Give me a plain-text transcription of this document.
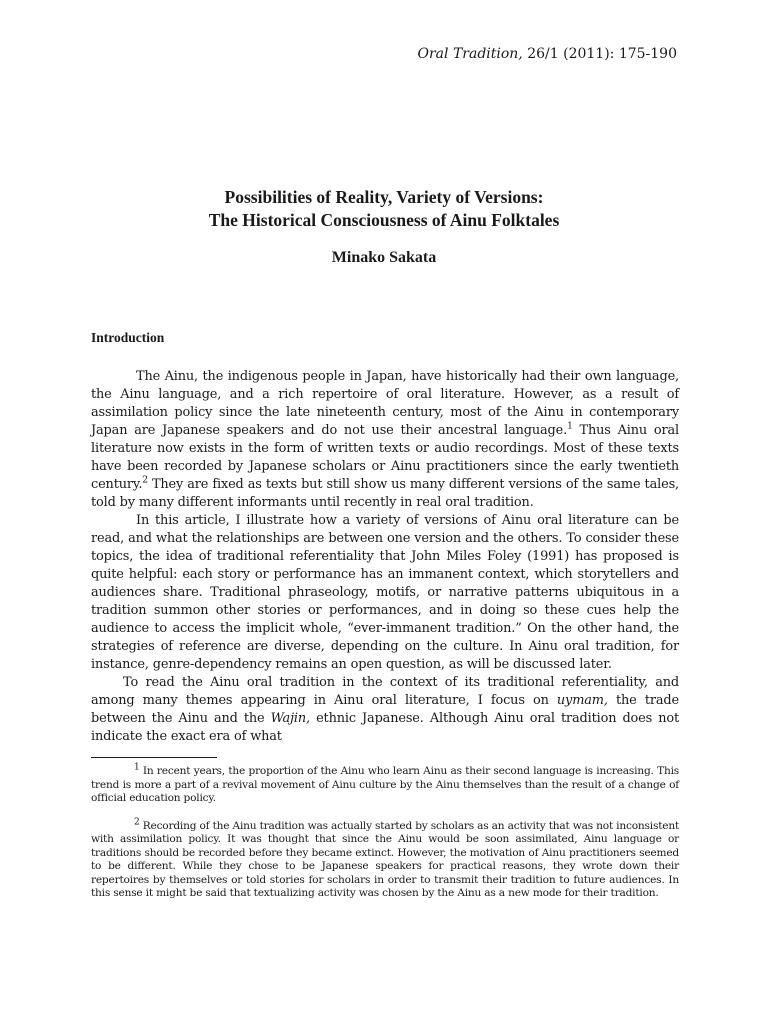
Oral Tradition, 26/1 (2011): 175-190
Possibilities of Reality, Variety of Versions:
The Historical Consciousness of Ainu Folktales
Minako Sakata
Introduction

The Ainu, the indigenous people in Japan, have historically had their own language, the Ainu language, and a rich repertoire of oral literature. However, as a result of assimilation policy since the late nineteenth century, most of the Ainu in contemporary Japan are Japanese speakers and do not use their ancestral language.$^1$ Thus Ainu oral literature now exists in the form of written texts or audio recordings. Most of these texts have been recorded by Japanese scholars or Ainu practitioners since the early twentieth century.$^2$ They are fixed as texts but still show us many different versions of the same tales, told by many different informants until recently in real oral tradition.

In this article, I illustrate how a variety of versions of Ainu oral literature can be read, and what the relationships are between one version and the others. To consider these topics, the idea of traditional referentiality that John Miles Foley (1991) has proposed is quite helpful: each story or performance has an immanent context, which storytellers and audiences share. Traditional phraseology, motifs, or narrative patterns ubiquitous in a tradition summon other stories or performances, and in doing so these cues help the audience to access the implicit whole, “ever-immanent tradition.” On the other hand, the strategies of reference are diverse, depending on the culture. In Ainu oral tradition, for instance, genre-dependency remains an open question, as will be discussed later.

To read the Ainu oral tradition in the context of its traditional referentiality, and among many themes appearing in Ainu oral literature, I focus on uymam, the trade between the Ainu and the Wajin, ethnic Japanese. Although Ainu oral tradition does not indicate the exact era of what

$^1$ In recent years, the proportion of the Ainu who learn Ainu as their second language is increasing. This trend is more a part of a revival movement of Ainu culture by the Ainu themselves than the result of a change of official education policy.

$^2$ Recording of the Ainu tradition was actually started by scholars as an activity that was not inconsistent with assimilation policy. It was thought that since the Ainu would be soon assimilated, Ainu language or traditions should be recorded before they became extinct. However, the motivation of Ainu practitioners seemed to be different. While they chose to be Japanese speakers for practical reasons, they wrote down their repertoires by themselves or told stories for scholars in order to transmit their tradition to future audiences. In this sense it might be said that textualizing activity was chosen by the Ainu as a new mode for their tradition.
